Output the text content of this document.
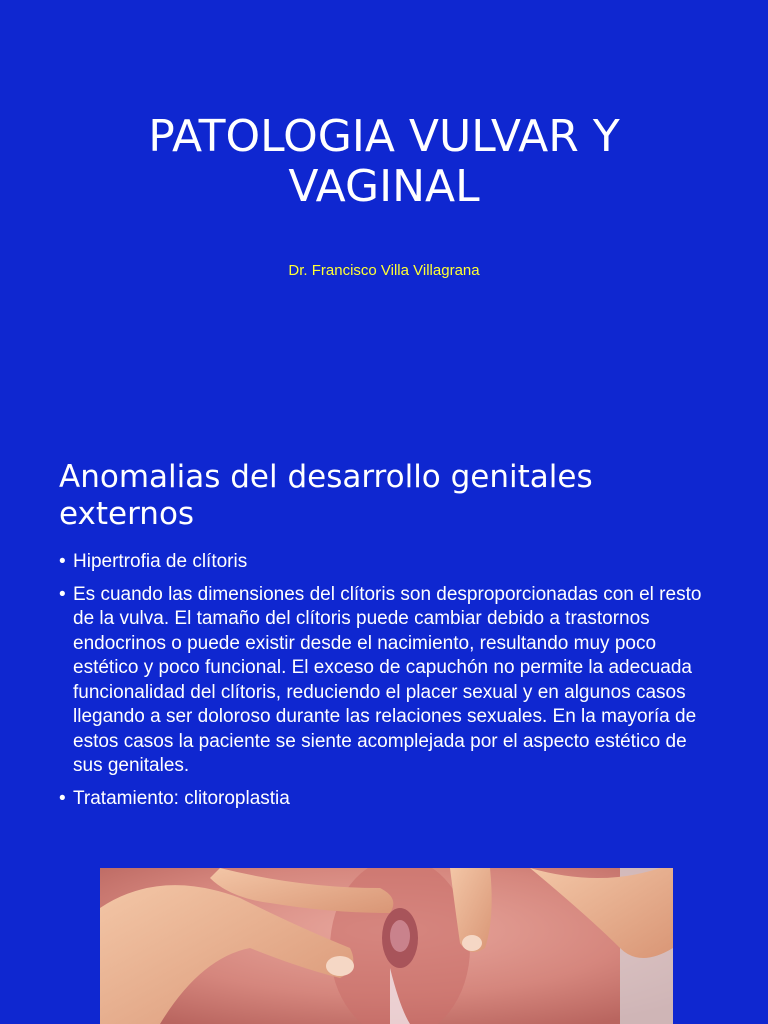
PATOLOGIA VULVAR Y
VAGINAL

Dr. Francisco Villa Villagrana

Anomalias del desarrollo genitales
externos
• Hipertrofia de clítoris
• Es cuando las dimensiones del clítoris son desproporcionadas con el resto de la vulva. El tamaño del clítoris puede cambiar debido a trastornos endocrinos o puede existir desde el nacimiento, resultando muy poco estético y poco funcional. El exceso de capuchón no permite la adecuada funcionalidad del clítoris, reduciendo el placer sexual y en algunos casos llegando a ser doloroso durante las relaciones sexuales. En la mayoría de estos casos la paciente se siente acomplejada por el aspecto estético de sus genitales.
• Tratamiento: clitoroplastia
